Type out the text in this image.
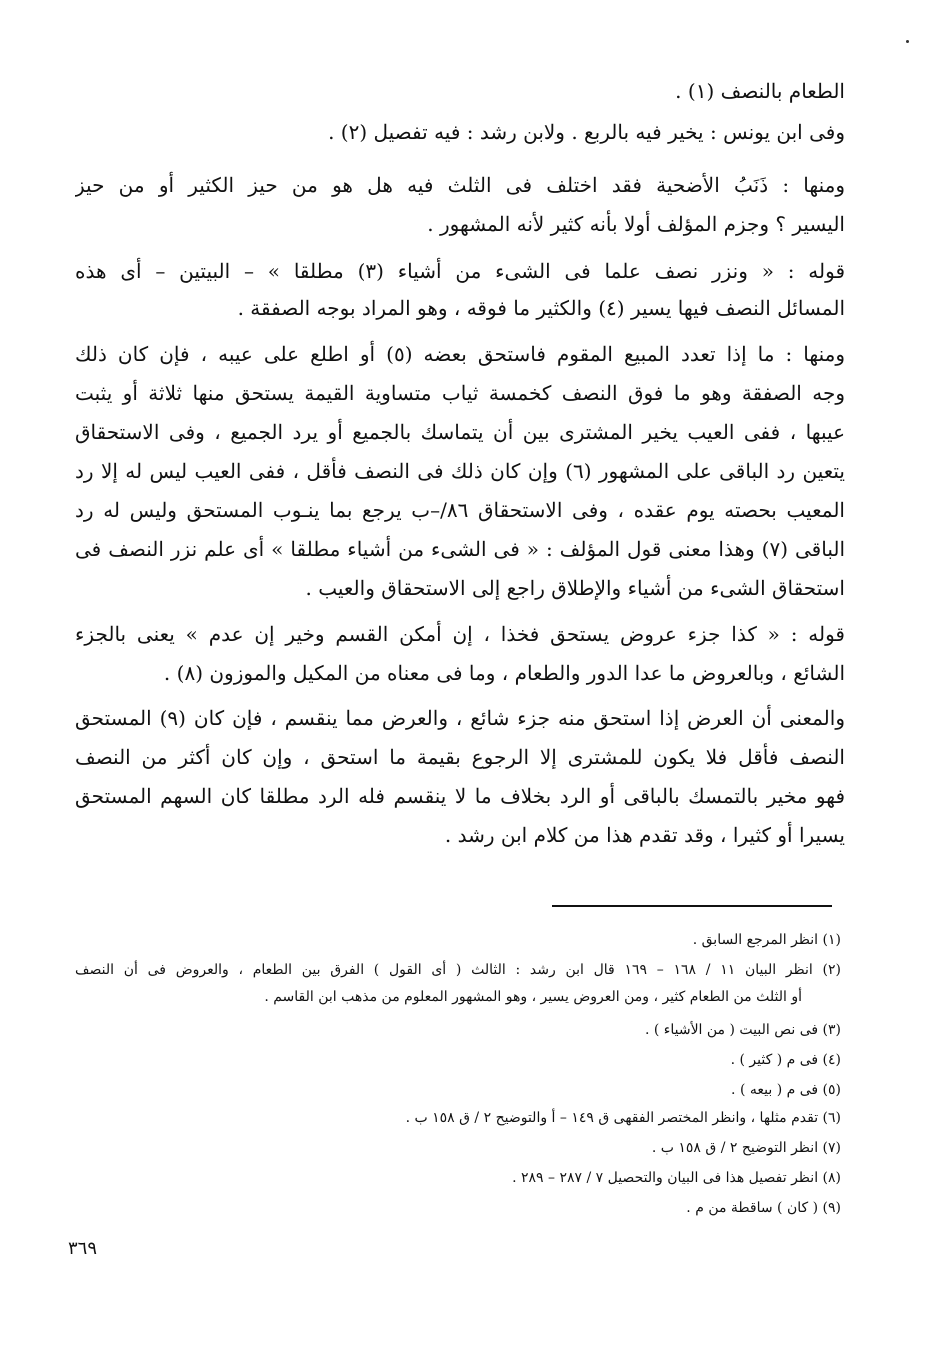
الطعام بالنصف (١) .
وفى ابن يونس : يخير فيه بالربع . ولابن رشد : فيه تفصيل (٢) .
ومنها : ذَنَبُ الأضحية فقد اختلف فى الثلث فيه هل هو من حيز الكثير أو من حيز
اليسير ؟ وجزم المؤلف أولا بأنه كثير لأنه المشهور .
قوله : « ونزر نصف علما فى الشىء من أشياء (٣) مطلقا » – البيتين – أى هذه
المسائل النصف فيها يسير (٤) والكثير ما فوقه ، وهو المراد بوجه الصفقة .
ومنها : ما إذا تعدد المبيع المقوم فاستحق بعضه (٥) أو اطلع على عيبه ، فإن كان ذلك
وجه الصفقة وهو ما فوق النصف كخمسة ثياب متساوية القيمة يستحق منها ثلاثة أو يثبت
عيبها ، ففى العيب يخير المشترى بين أن يتماسك بالجميع أو يرد الجميع ، وفى الاستحقاق
يتعين رد الباقى على المشهور (٦) وإن كان ذلك فى النصف فأقل ، ففى العيب ليس له إلا رد
المعيب بحصته يوم عقده ، وفى الاستحقاق ٨٦/–ب يرجع بما ينـوب المستحق وليس له رد
الباقى (٧) وهذا معنى قول المؤلف : « فى الشىء من أشياء مطلقا » أى علم نزر النصف فى
استحقاق الشىء من أشياء والإطلاق راجع إلى الاستحقاق والعيب .
قوله : « كذا جزء عروض يستحق فخذا ، إن أمكن القسم وخير إن عدم » يعنى بالجزء
الشائع ، وبالعروض ما عدا الدور والطعام ، وما فى معناه من المكيل والموزون (٨) .
والمعنى أن العرض إذا استحق منه جزء شائع ، والعرض مما ينقسم ، فإن كان (٩) المستحق
النصف فأقل فلا يكون للمشترى إلا الرجوع بقيمة ما استحق ، وإن كان أكثر من النصف
فهو مخير بالتمسك بالباقى أو الرد بخلاف ما لا ينقسم فله الرد مطلقا كان السهم المستحق
يسيرا أو كثيرا ، وقد تقدم هذا من كلام ابن رشد .
(١) انظر المرجع السابق .
(٢) انظر البيان ١١ / ١٦٨ – ١٦٩ قال ابن رشد : الثالث ( أى القول ) الفرق بين الطعام ، والعروض فى أن النصف
أو الثلث من الطعام كثير ، ومن العروض يسير ، وهو المشهور المعلوم من مذهب ابن القاسم .
(٣) فى نص البيت ( من الأشياء ) .
(٤) فى م ( كثير ) .
(٥) فى م ( بيعه ) .
(٦) تقدم مثلها ، وانظر المختصر الفقهى ق ١٤٩ – أ والتوضيح ٢ / ق ١٥٨ ب .
(٧) انظر التوضيح ٢ / ق ١٥٨ ب .
(٨) انظر تفصيل هذا فى البيان والتحصيل ٧ / ٢٨٧ – ٢٨٩ .
(٩) ( كان ) ساقطة من م .
٣٦٩
